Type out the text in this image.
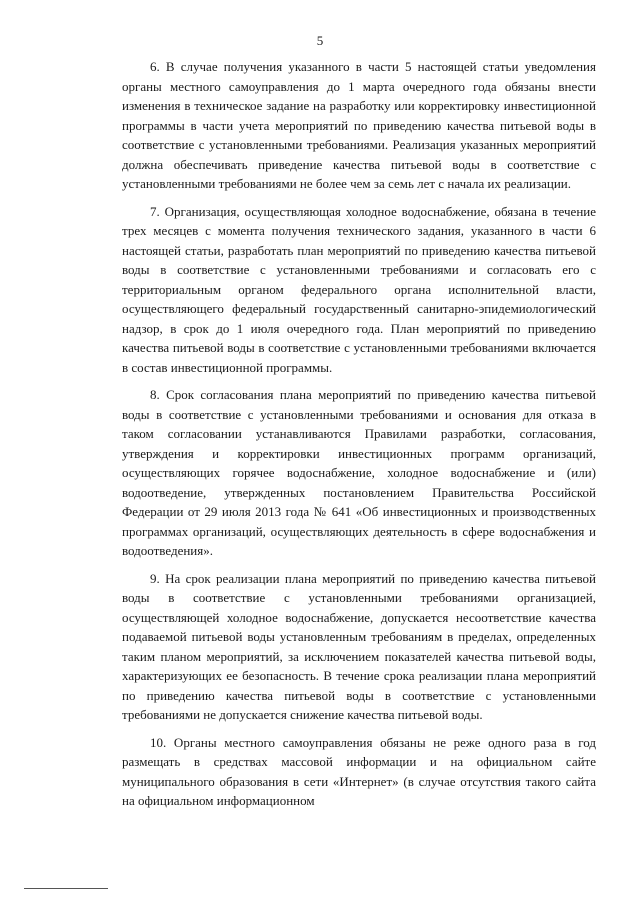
5

6. В случае получения указанного в части 5 настоящей статьи уведомления органы местного самоуправления до 1 марта очередного года обязаны внести изменения в техническое задание на разработку или корректировку инвестиционной программы в части учета мероприятий по приведению качества питьевой воды в соответствие с установленными требованиями. Реализация указанных мероприятий должна обеспечивать приведение качества питьевой воды в соответствие с установленными требованиями не более чем за семь лет с начала их реализации.

7. Организация, осуществляющая холодное водоснабжение, обязана в течение трех месяцев с момента получения технического задания, указанного в части 6 настоящей статьи, разработать план мероприятий по приведению качества питьевой воды в соответствие с установленными требованиями и согласовать его с территориальным органом федерального органа исполнительной власти, осуществляющего федеральный государственный санитарно-эпидемиологический надзор, в срок до 1 июля очередного года. План мероприятий по приведению качества питьевой воды в соответствие с установленными требованиями включается в состав инвестиционной программы.

8. Срок согласования плана мероприятий по приведению качества питьевой воды в соответствие с установленными требованиями и основания для отказа в таком согласовании устанавливаются Правилами разработки, согласования, утверждения и корректировки инвестиционных программ организаций, осуществляющих горячее водоснабжение, холодное водоснабжение и (или) водоотведение, утвержденных постановлением Правительства Российской Федерации от 29 июля 2013 года № 641 «Об инвестиционных и производственных программах организаций, осуществляющих деятельность в сфере водоснабжения и водоотведения».

9. На срок реализации плана мероприятий по приведению качества питьевой воды в соответствие с установленными требованиями организацией, осуществляющей холодное водоснабжение, допускается несоответствие качества подаваемой питьевой воды установленным требованиям в пределах, определенных таким планом мероприятий, за исключением показателей качества питьевой воды, характеризующих ее безопасность. В течение срока реализации плана мероприятий по приведению качества питьевой воды в соответствие с установленными требованиями не допускается снижение качества питьевой воды.

10. Органы местного самоуправления обязаны не реже одного раза в год размещать в средствах массовой информации и на официальном сайте муниципального образования в сети «Интернет» (в случае отсутствия такого сайта на официальном информационном
